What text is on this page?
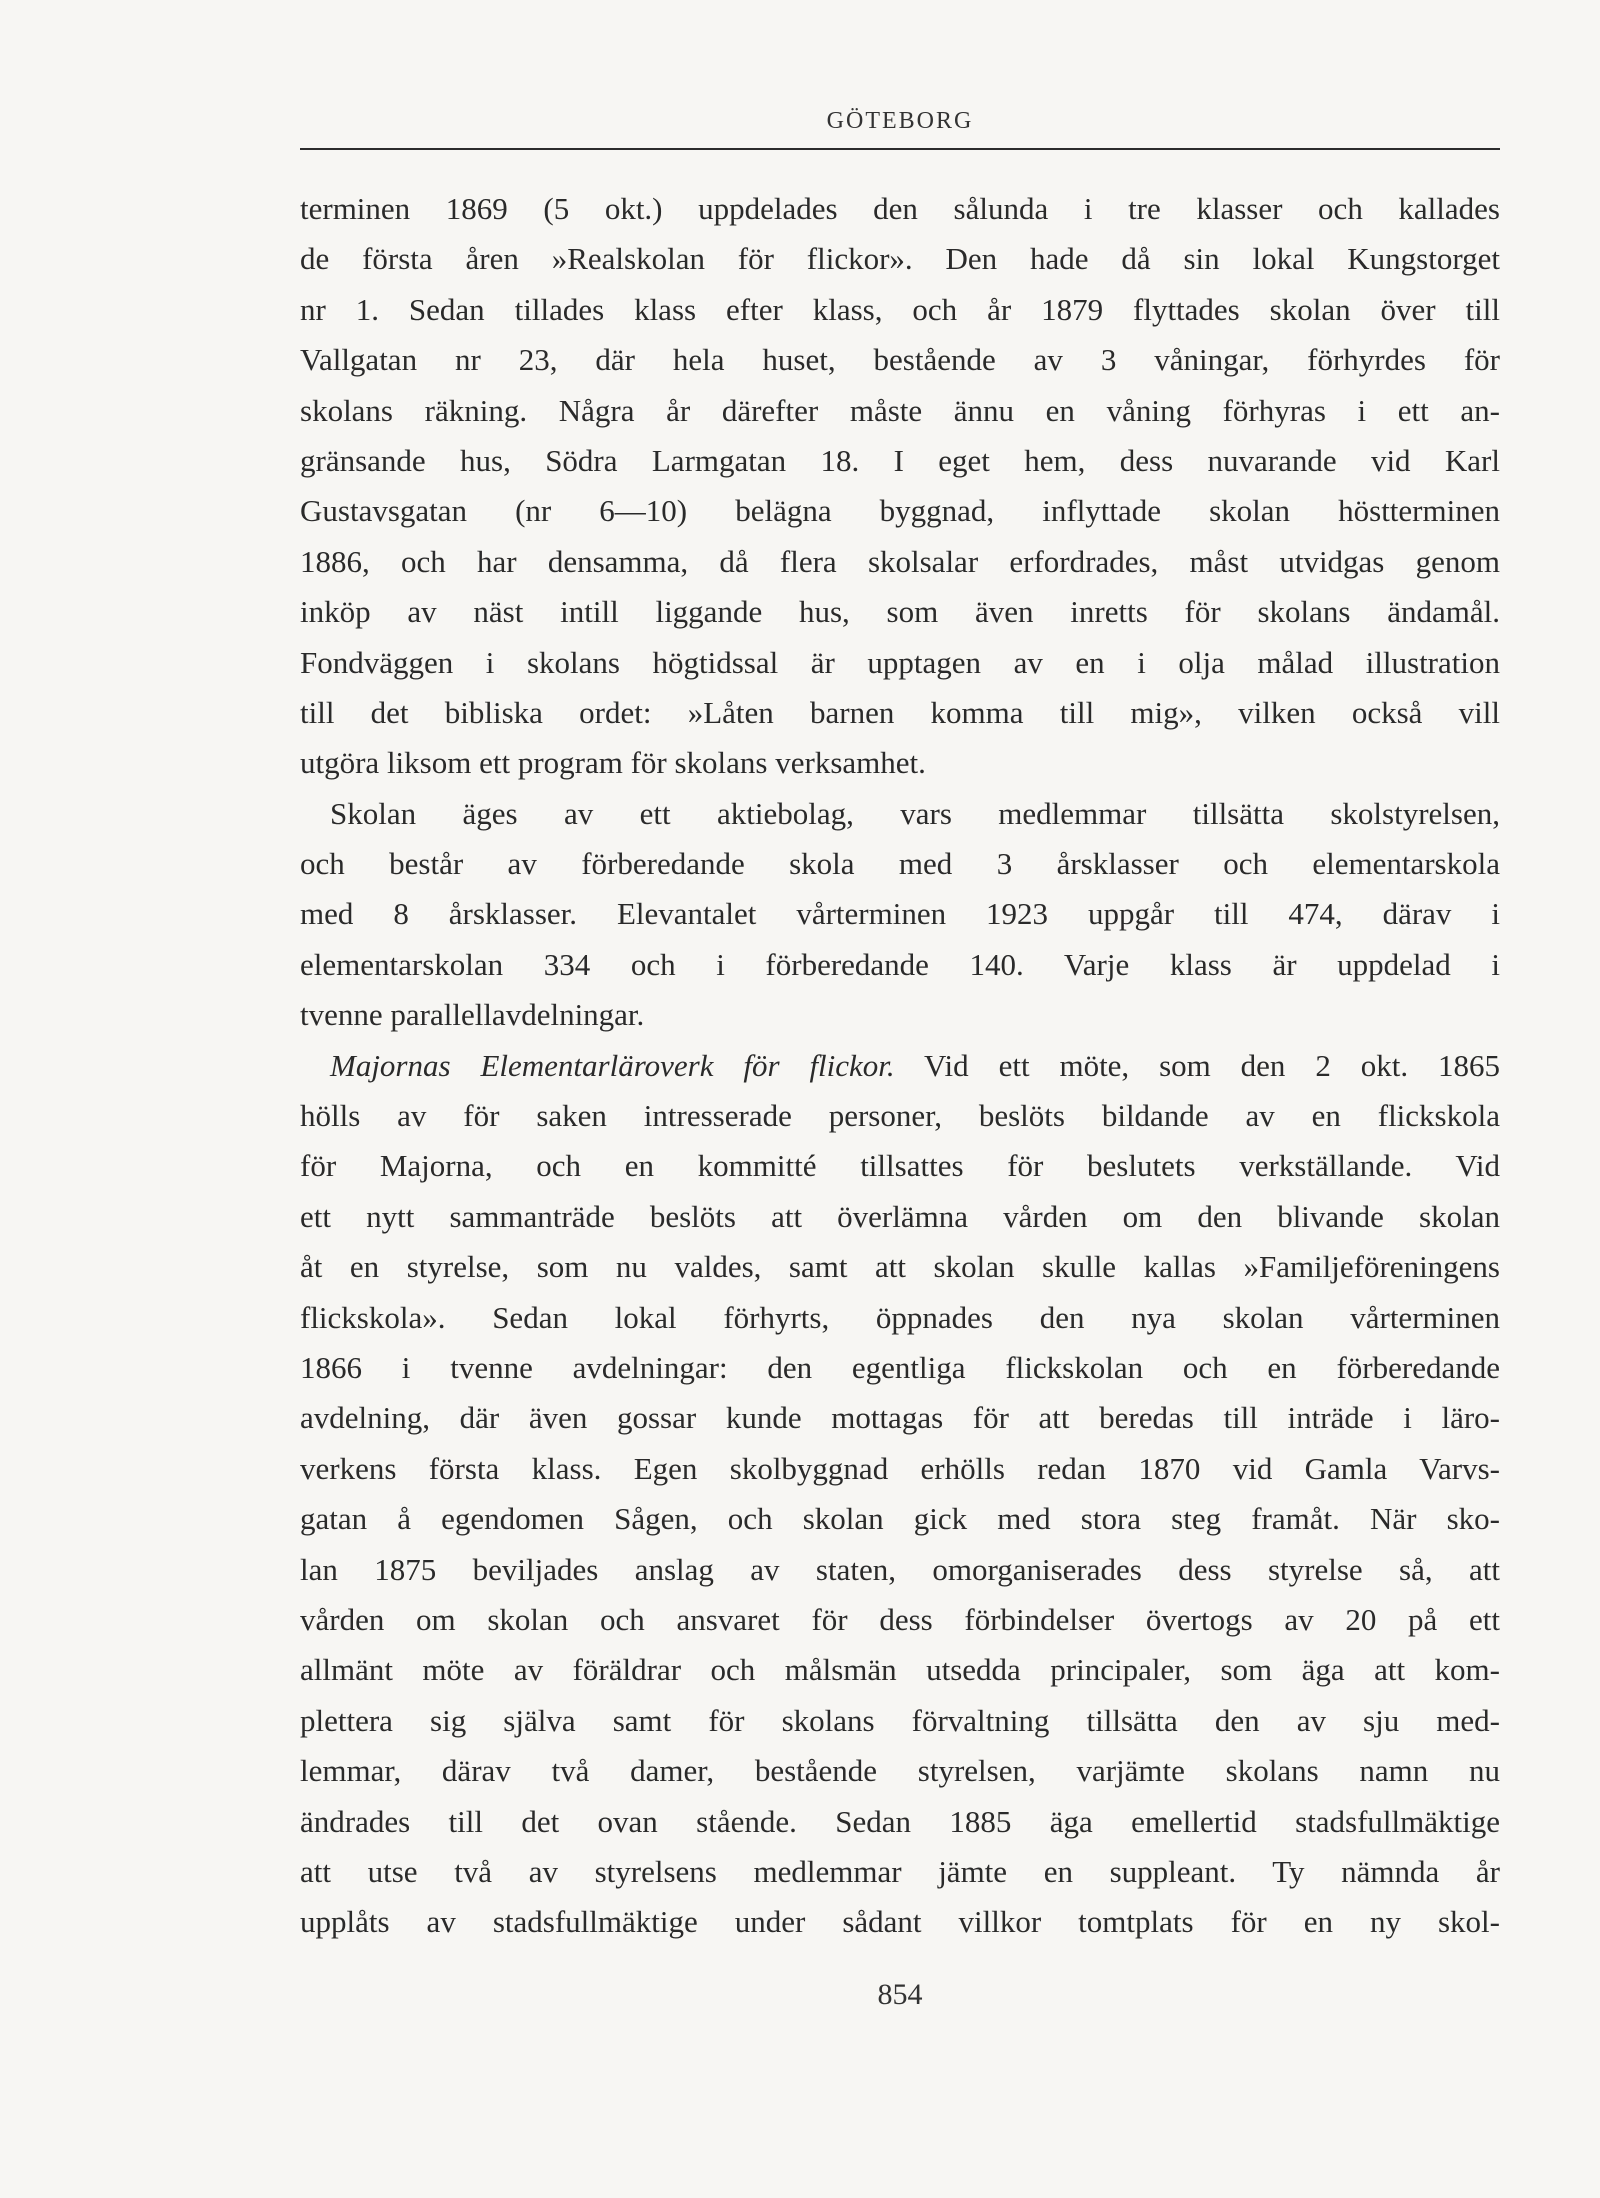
GÖTEBORG
terminen 1869 (5 okt.) uppdelades den sålunda i tre klasser och kallades
de första åren »Realskolan för flickor». Den hade då sin lokal Kungstorget
nr 1. Sedan tillades klass efter klass, och år 1879 flyttades skolan över till
Vallgatan nr 23, där hela huset, bestående av 3 våningar, förhyrdes för
skolans räkning. Några år därefter måste ännu en våning förhyras i ett an-
gränsande hus, Södra Larmgatan 18. I eget hem, dess nuvarande vid Karl
Gustavsgatan (nr 6—10) belägna byggnad, inflyttade skolan höstterminen
1886, och har densamma, då flera skolsalar erfordrades, måst utvidgas genom
inköp av näst intill liggande hus, som även inretts för skolans ändamål.
Fondväggen i skolans högtidssal är upptagen av en i olja målad illustration
till det bibliska ordet: »Låten barnen komma till mig», vilken också vill
utgöra liksom ett program för skolans verksamhet.
Skolan äges av ett aktiebolag, vars medlemmar tillsätta skolstyrelsen,
och består av förberedande skola med 3 årsklasser och elementarskola
med 8 årsklasser. Elevantalet vårterminen 1923 uppgår till 474, därav i
elementarskolan 334 och i förberedande 140. Varje klass är uppdelad i
tvenne parallellavdelningar.
Majornas Elementarläroverk för flickor. Vid ett möte, som den 2 okt. 1865
hölls av för saken intresserade personer, beslöts bildande av en flickskola
för Majorna, och en kommitté tillsattes för beslutets verkställande. Vid
ett nytt sammanträde beslöts att överlämna vården om den blivande skolan
åt en styrelse, som nu valdes, samt att skolan skulle kallas »Familjeföreningens
flickskola». Sedan lokal förhyrts, öppnades den nya skolan vårterminen
1866 i tvenne avdelningar: den egentliga flickskolan och en förberedande
avdelning, där även gossar kunde mottagas för att beredas till inträde i läro-
verkens första klass. Egen skolbyggnad erhölls redan 1870 vid Gamla Varvs-
gatan å egendomen Sågen, och skolan gick med stora steg framåt. När sko-
lan 1875 beviljades anslag av staten, omorganiserades dess styrelse så, att
vården om skolan och ansvaret för dess förbindelser övertogs av 20 på ett
allmänt möte av föräldrar och målsmän utsedda principaler, som äga att kom-
plettera sig själva samt för skolans förvaltning tillsätta den av sju med-
lemmar, därav två damer, bestående styrelsen, varjämte skolans namn nu
ändrades till det ovan stående. Sedan 1885 äga emellertid stadsfullmäktige
att utse två av styrelsens medlemmar jämte en suppleant. Ty nämnda år
upplåts av stadsfullmäktige under sådant villkor tomtplats för en ny skol-
854
